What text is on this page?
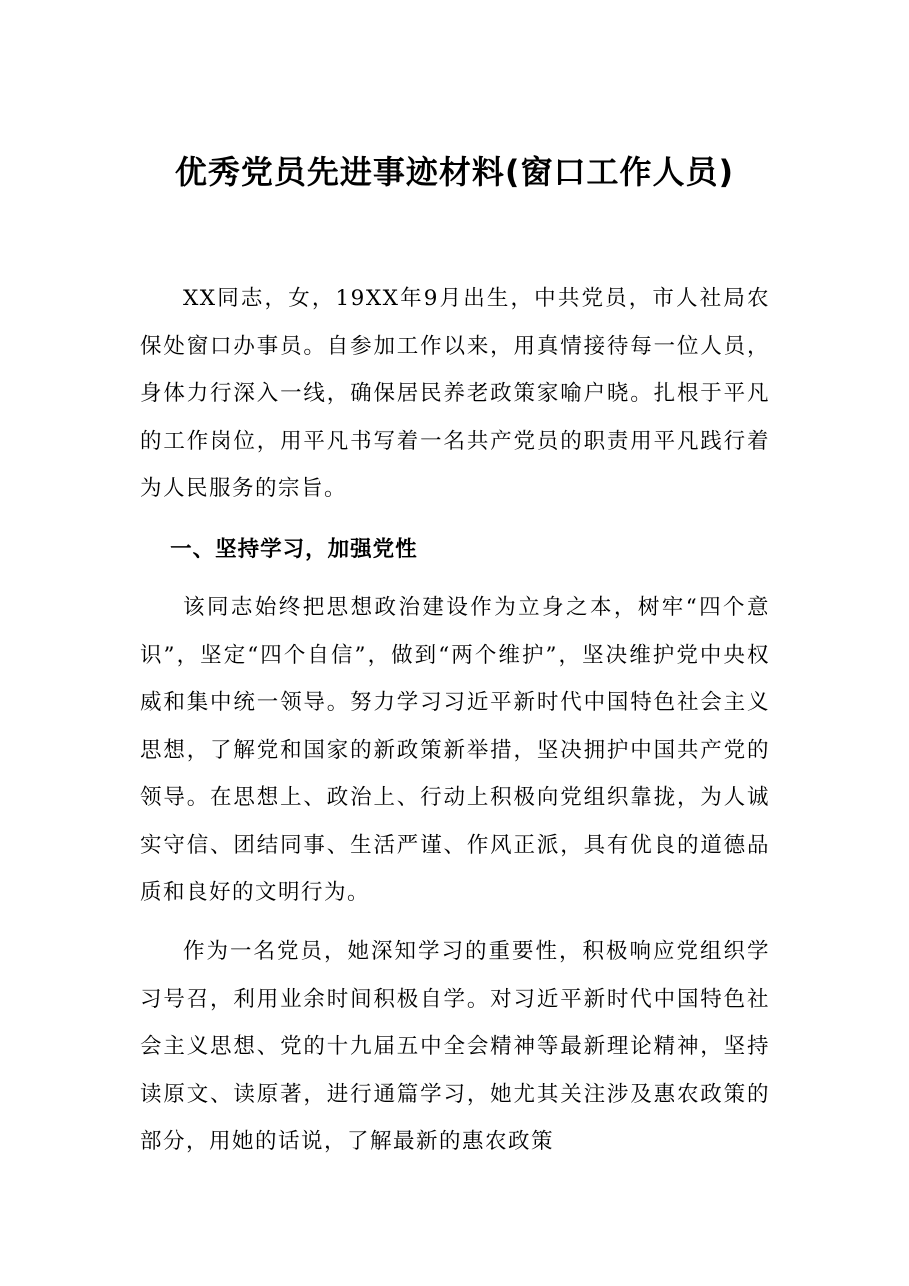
优秀党员先进事迹材料(窗口工作人员)

XX同志，女，19XX年9月出生，中共党员，市人社局农保处窗口办事员。自参加工作以来，用真情接待每一位人员，身体力行深入一线，确保居民养老政策家喻户晓。扎根于平凡的工作岗位，用平凡书写着一名共产党员的职责用平凡践行着为人民服务的宗旨。

一、坚持学习，加强党性

该同志始终把思想政治建设作为立身之本，树牢“四个意识”，坚定“四个自信”，做到“两个维护”，坚决维护党中央权威和集中统一领导。努力学习习近平新时代中国特色社会主义思想，了解党和国家的新政策新举措，坚决拥护中国共产党的领导。在思想上、政治上、行动上积极向党组织靠拢，为人诚实守信、团结同事、生活严谨、作风正派，具有优良的道德品质和良好的文明行为。

作为一名党员，她深知学习的重要性，积极响应党组织学习号召，利用业余时间积极自学。对习近平新时代中国特色社会主义思想、党的十九届五中全会精神等最新理论精神，坚持读原文、读原著，进行通篇学习，她尤其关注涉及惠农政策的部分，用她的话说，了解最新的惠农政策
